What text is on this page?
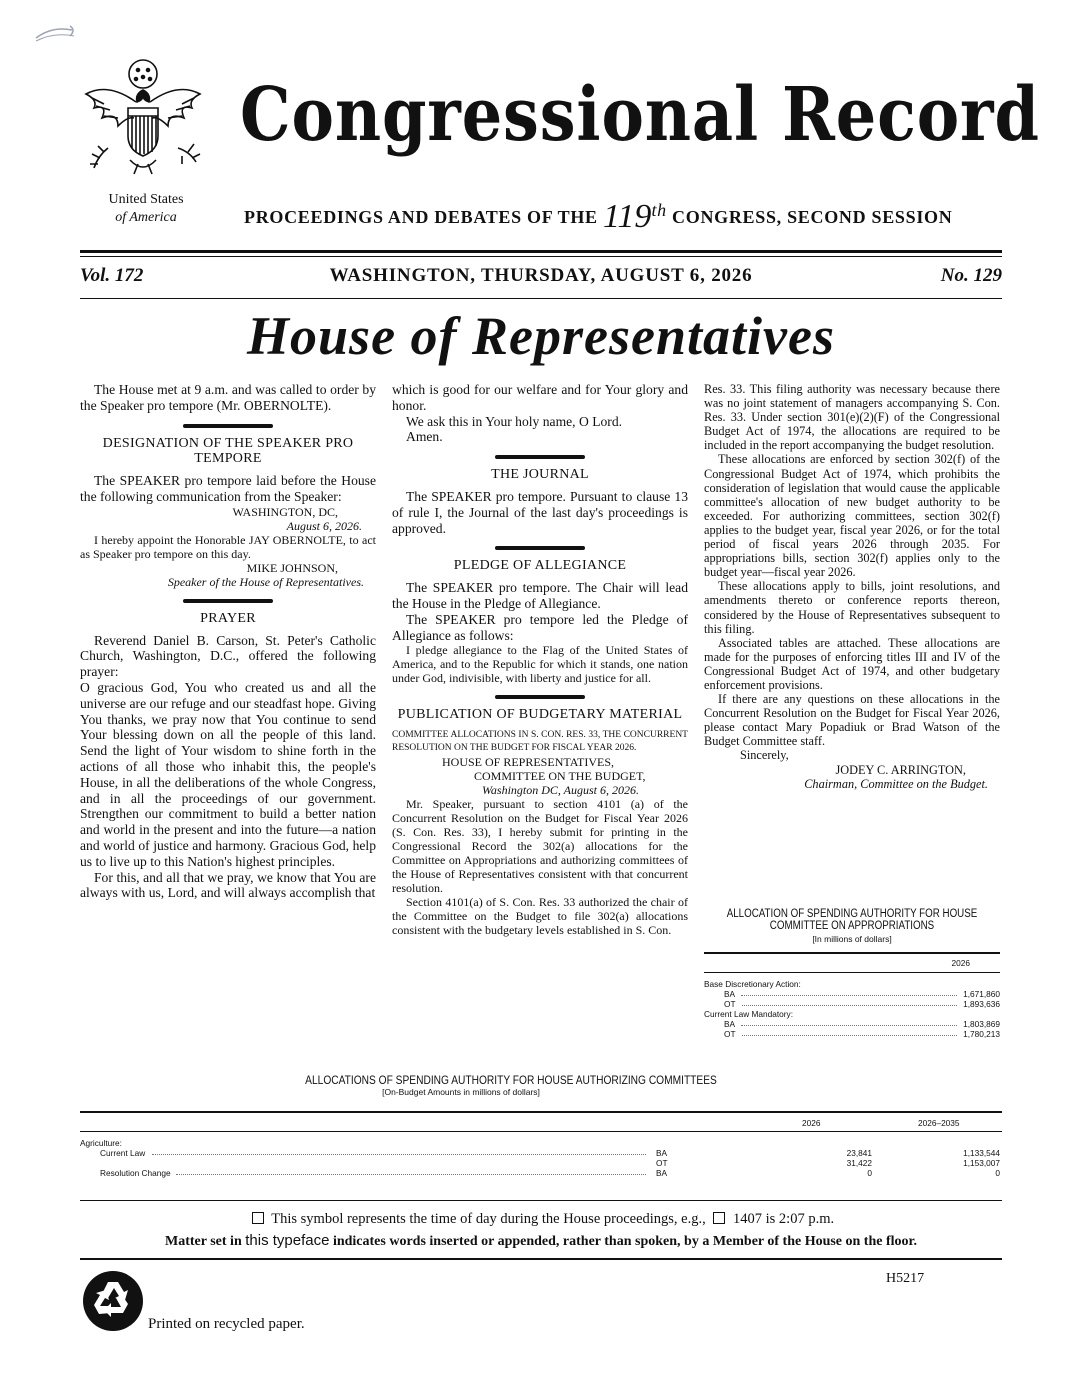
Congressional Record
United States
of America	PROCEEDINGS AND DEBATES OF THE 119th CONGRESS, SECOND SESSION
Vol. 172	WASHINGTON, THURSDAY, AUGUST 6, 2026	No. 129
House of Representatives

The House met at 9 a.m. and was called to order by the Speaker pro tempore (Mr. OBERNOLTE).

DESIGNATION OF THE SPEAKER PRO TEMPORE

The SPEAKER pro tempore laid before the House the following communication from the Speaker:

WASHINGTON, DC,
August 6, 2026.

I hereby appoint the Honorable JAY OBERNOLTE, to act as Speaker pro tempore on this day.

MIKE JOHNSON,
Speaker of the House of Representatives.

PRAYER

Reverend Daniel B. Carson, St. Peter's Catholic Church, Washington, D.C., offered the following prayer:

O gracious God, You who created us and all the universe are our refuge and our steadfast hope. Giving You thanks, we pray now that You continue to send Your blessing down on all the people of this land. Send the light of Your wisdom to shine forth in the actions of all those who inhabit this, the people's House, in all the deliberations of the whole Congress, and in all the proceedings of our government. Strengthen our commitment to build a better nation and world in the present and into the future—a nation and world of justice and harmony. Gracious God, help us to live up to this Nation's highest principles.

For this, and all that we pray, we know that You are always with us, Lord, and will always accomplish that

which is good for our welfare and for Your glory and honor.

We ask this in Your holy name, O Lord.

Amen.

THE JOURNAL

The SPEAKER pro tempore. Pursuant to clause 13 of rule I, the Journal of the last day's proceedings is approved.

PLEDGE OF ALLEGIANCE

The SPEAKER pro tempore. The Chair will lead the House in the Pledge of Allegiance.

The SPEAKER pro tempore led the Pledge of Allegiance as follows:

I pledge allegiance to the Flag of the United States of America, and to the Republic for which it stands, one nation under God, indivisible, with liberty and justice for all.

PUBLICATION OF BUDGETARY MATERIAL

COMMITTEE ALLOCATIONS IN S. CON. RES. 33, THE CONCURRENT RESOLUTION ON THE BUDGET FOR FISCAL YEAR 2026.

HOUSE OF REPRESENTATIVES,
COMMITTEE ON THE BUDGET,
Washington DC, August 6, 2026.

Mr. Speaker, pursuant to section 4101 (a) of the Concurrent Resolution on the Budget for Fiscal Year 2026 (S. Con. Res. 33), I hereby submit for printing in the Congressional Record the 302(a) allocations for the Committee on Appropriations and authorizing committees of the House of Representatives consistent with that concurrent resolution.

Section 4101(a) of S. Con. Res. 33 authorized the chair of the Committee on the Budget to file 302(a) allocations consistent with the budgetary levels established in S. Con.

Res. 33. This filing authority was necessary because there was no joint statement of managers accompanying S. Con. Res. 33. Under section 301(e)(2)(F) of the Congressional Budget Act of 1974, the allocations are required to be included in the report accompanying the budget resolution.

These allocations are enforced by section 302(f) of the Congressional Budget Act of 1974, which prohibits the consideration of legislation that would cause the applicable committee's allocation of new budget authority to be exceeded. For authorizing committees, section 302(f) applies to the budget year, fiscal year 2026, or for the total period of fiscal years 2026 through 2035. For appropriations bills, section 302(f) applies only to the budget year—fiscal year 2026.

These allocations apply to bills, joint resolutions, and amendments thereto or conference reports thereon, considered by the House of Representatives subsequent to this filing.

Associated tables are attached. These allocations are made for the purposes of enforcing titles III and IV of the Congressional Budget Act of 1974, and other budgetary enforcement provisions.

If there are any questions on these allocations in the Concurrent Resolution on the Budget for Fiscal Year 2026, please contact Mary Popadiuk or Brad Watson of the Budget Committee staff.

Sincerely,
JODEY C. ARRINGTON,
Chairman, Committee on the Budget.
ALLOCATION OF SPENDING AUTHORITY FOR HOUSE
COMMITTEE ON APPROPRIATIONS
[In millions of dollars]
2026
Base Discretionary Action:
BA	1,671,860
OT	1,893,636
Current Law Mandatory:
BA	1,803,869
OT	1,780,213
ALLOCATIONS OF SPENDING AUTHORITY FOR HOUSE AUTHORIZING COMMITTEES
[On-Budget Amounts in millions of dollars]
2026	2026–2035
Agriculture:
Current Law	BA	23,841	1,133,544
OT	31,422	1,153,007
Resolution Change	BA	0	0
This symbol represents the time of day during the House proceedings, e.g., 1407 is 2:07 p.m.
Matter set in this typeface indicates words inserted or appended, rather than spoken, by a Member of the House on the floor.
H5217
Printed on recycled paper.
